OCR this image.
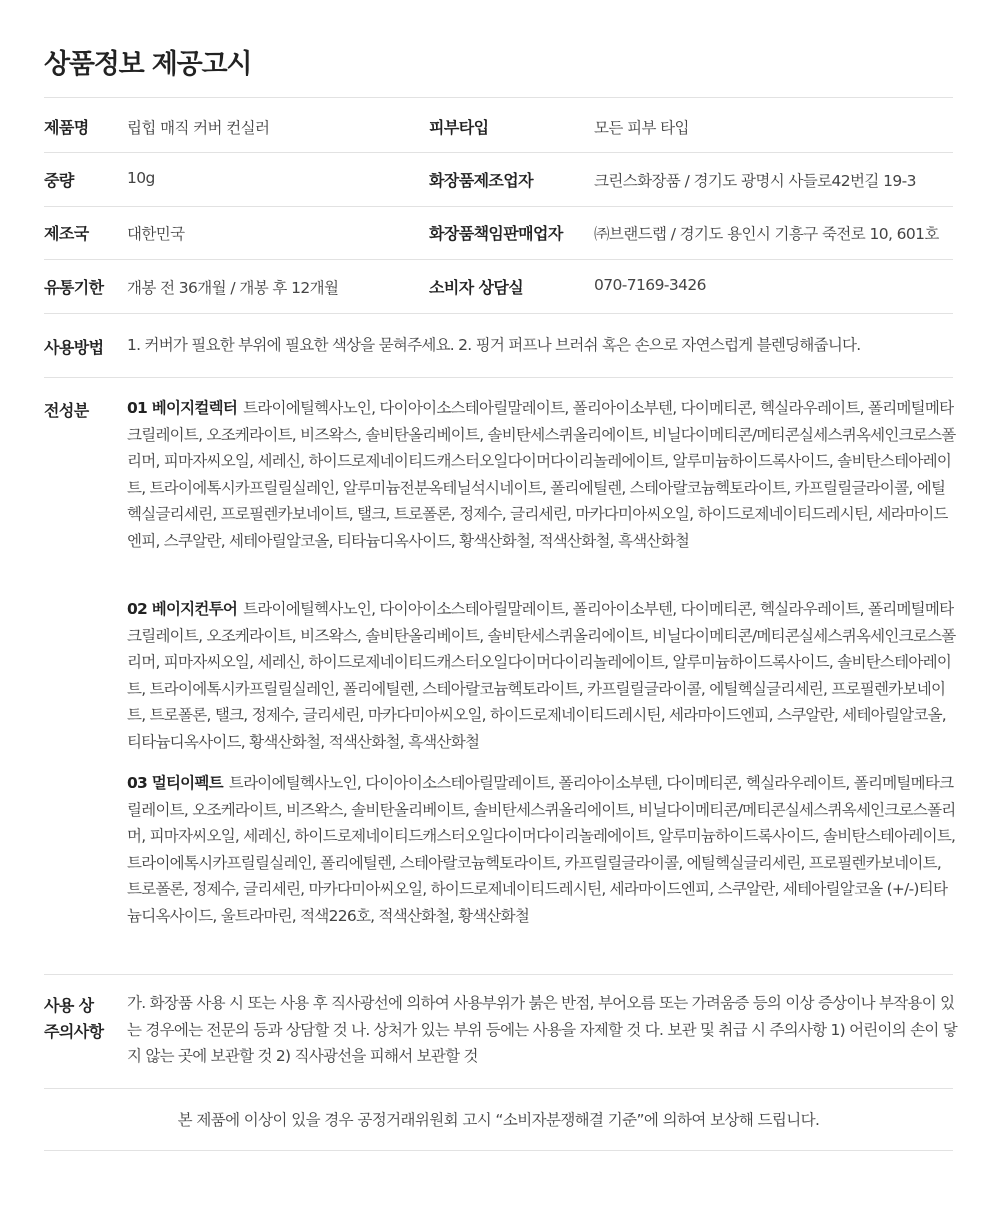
상품정보 제공고시
제품명 립힙 매직 커버 컨실러	피부타입	모든 피부 타입
중량	10g	화장품제조업자	크린스화장품 / 경기도 광명시 사들로42번길 19-3
제조국 대한민국	화장품책임판매업자 ㈜브랜드랩 / 경기도 용인시 기흥구 죽전로 10, 601호
유통기한 개봉 전 36개월 / 개봉 후 12개월	소비자 상담실	070-7169-3426
사용방법 1. 커버가 필요한 부위에 필요한 색상을 묻혀주세요. 2. 핑거 퍼프나 브러쉬 혹은 손으로 자연스럽게 블렌딩해줍니다.
전성분 01 베이지컬렉터 트라이에틸헥사노인, 다이아이소스테아릴말레이트, 폴리아이소부텐, 다이메티콘, 헥실라우레이트, 폴리메틸메타크릴레이트, 오조케라이트, 비즈왁스, 솔비탄올리베이트, 솔비탄세스퀴올리에이트, 비닐다이메티콘/메티콘실세스퀴옥세인크로스폴리머, 피마자씨오일, 세레신, 하이드로제네이티드캐스터오일다이머다이리놀레에이트, 알루미늄하이드록사이드, 솔비탄스테아레이트, 트라이에톡시카프릴릴실레인, 알루미늄전분옥테닐석시네이트, 폴리에틸렌, 스테아랄코늄헥토라이트, 카프릴릴글라이콜, 에틸헥실글리세린, 프로필렌카보네이트, 탤크, 트로폴론, 정제수, 글리세린, 마카다미아씨오일, 하이드로제네이티드레시틴, 세라마이드엔피, 스쿠알란, 세테아릴알코올, 티타늄디옥사이드, 황색산화철, 적색산화철, 흑색산화철
02 베이지컨투어 트라이에틸헥사노인, 다이아이소스테아릴말레이트, 폴리아이소부텐, 다이메티콘, 헥실라우레이트, 폴리메틸메타크릴레이트, 오조케라이트, 비즈왁스, 솔비탄올리베이트, 솔비탄세스퀴올리에이트, 비닐다이메티콘/메티콘실세스퀴옥세인크로스폴리머, 피마자씨오일, 세레신, 하이드로제네이티드캐스터오일다이머다이리놀레에이트, 알루미늄하이드록사이드, 솔비탄스테아레이트, 트라이에톡시카프릴릴실레인, 폴리에틸렌, 스테아랄코늄헥토라이트, 카프릴릴글라이콜, 에틸헥실글리세린, 프로필렌카보네이트, 트로폴론, 탤크, 정제수, 글리세린, 마카다미아씨오일, 하이드로제네이티드레시틴, 세라마이드엔피, 스쿠알란, 세테아릴알코올, 티타늄디옥사이드, 황색산화철, 적색산화철, 흑색산화철
03 멀티이펙트 트라이에틸헥사노인, 다이아이소스테아릴말레이트, 폴리아이소부텐, 다이메티콘, 헥실라우레이트, 폴리메틸메타크릴레이트, 오조케라이트, 비즈왁스, 솔비탄올리베이트, 솔비탄세스퀴올리에이트, 비닐다이메티콘/메티콘실세스퀴옥세인크로스폴리머, 피마자씨오일, 세레신, 하이드로제네이티드캐스터오일다이머다이리놀레에이트, 알루미늄하이드록사이드, 솔비탄스테아레이트, 트라이에톡시카프릴릴실레인, 폴리에틸렌, 스테아랄코늄헥토라이트, 카프릴릴글라이콜, 에틸헥실글리세린, 프로필렌카보네이트, 트로폴론, 정제수, 글리세린, 마카다미아씨오일, 하이드로제네이티드레시틴, 세라마이드엔피, 스쿠알란, 세테아릴알코올 (+/-)티타늄디옥사이드, 울트라마린, 적색226호, 적색산화철, 황색산화철
사용 상
주의사항
가. 화장품 사용 시 또는 사용 후 직사광선에 의하여 사용부위가 붉은 반점, 부어오름 또는 가려움증 등의 이상 증상이나 부작용이 있는 경우에는 전문의 등과 상담할 것 나. 상처가 있는 부위 등에는 사용을 자제할 것 다. 보관 및 취급 시 주의사항 1) 어린이의 손이 닿지 않는 곳에 보관할 것 2) 직사광선을 피해서 보관할 것
본 제품에 이상이 있을 경우 공정거래위원회 고시 “소비자분쟁해결 기준”에 의하여 보상해 드립니다.
